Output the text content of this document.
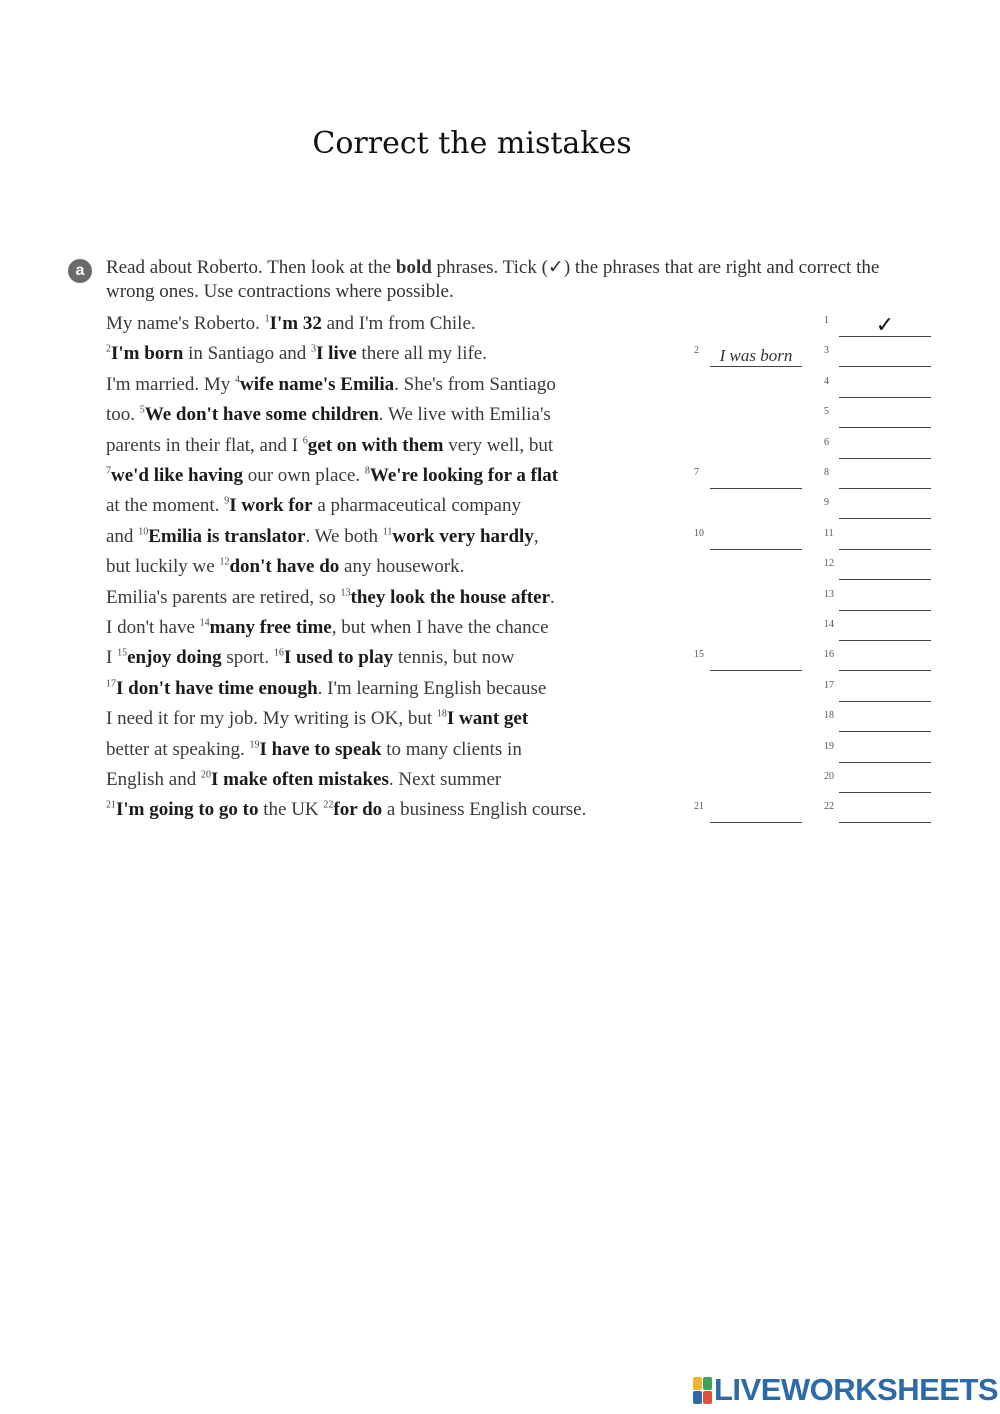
Correct the mistakes
a	Read about Roberto. Then look at the bold phrases. Tick (✓) the phrases that are right and correct the wrong ones. Use contractions where possible.
My name's Roberto. $^1$I'm 32 and I'm from Chile.
$^2$I'm born in Santiago and $^3$I live there all my life.
I'm married. My $^4$wife name's Emilia. She's from Santiago
too. $^5$We don't have some children. We live with Emilia's
parents in their flat, and I $^6$get on with them very well, but
$^7$we'd like having our own place. $^8$We're looking for a flat
at the moment. $^9$I work for a pharmaceutical company
and $^{10}$Emilia is translator. We both $^{11}$work very hardly,
but luckily we $^{12}$don't have do any housework.
Emilia's parents are retired, so $^{13}$they look the house after.
I don't have $^{14}$many free time, but when I have the chance
I $^{15}$enjoy doing sport. $^{16}$I used to play tennis, but now
$^{17}$I don't have time enough. I'm learning English because
I need it for my job. My writing is OK, but $^{18}$I want get
better at speaking. $^{19}$I have to speak to many clients in
English and $^{20}$I make often mistakes. Next summer
$^{21}$I'm going to go to the UK $^{22}$for do a business English course.
1	✓
2	I was born	3
4
5
6
7	8
9
10	11
12
13
14
15	16
17
18
19
20
21	22
LIVEWORKSHEETS
